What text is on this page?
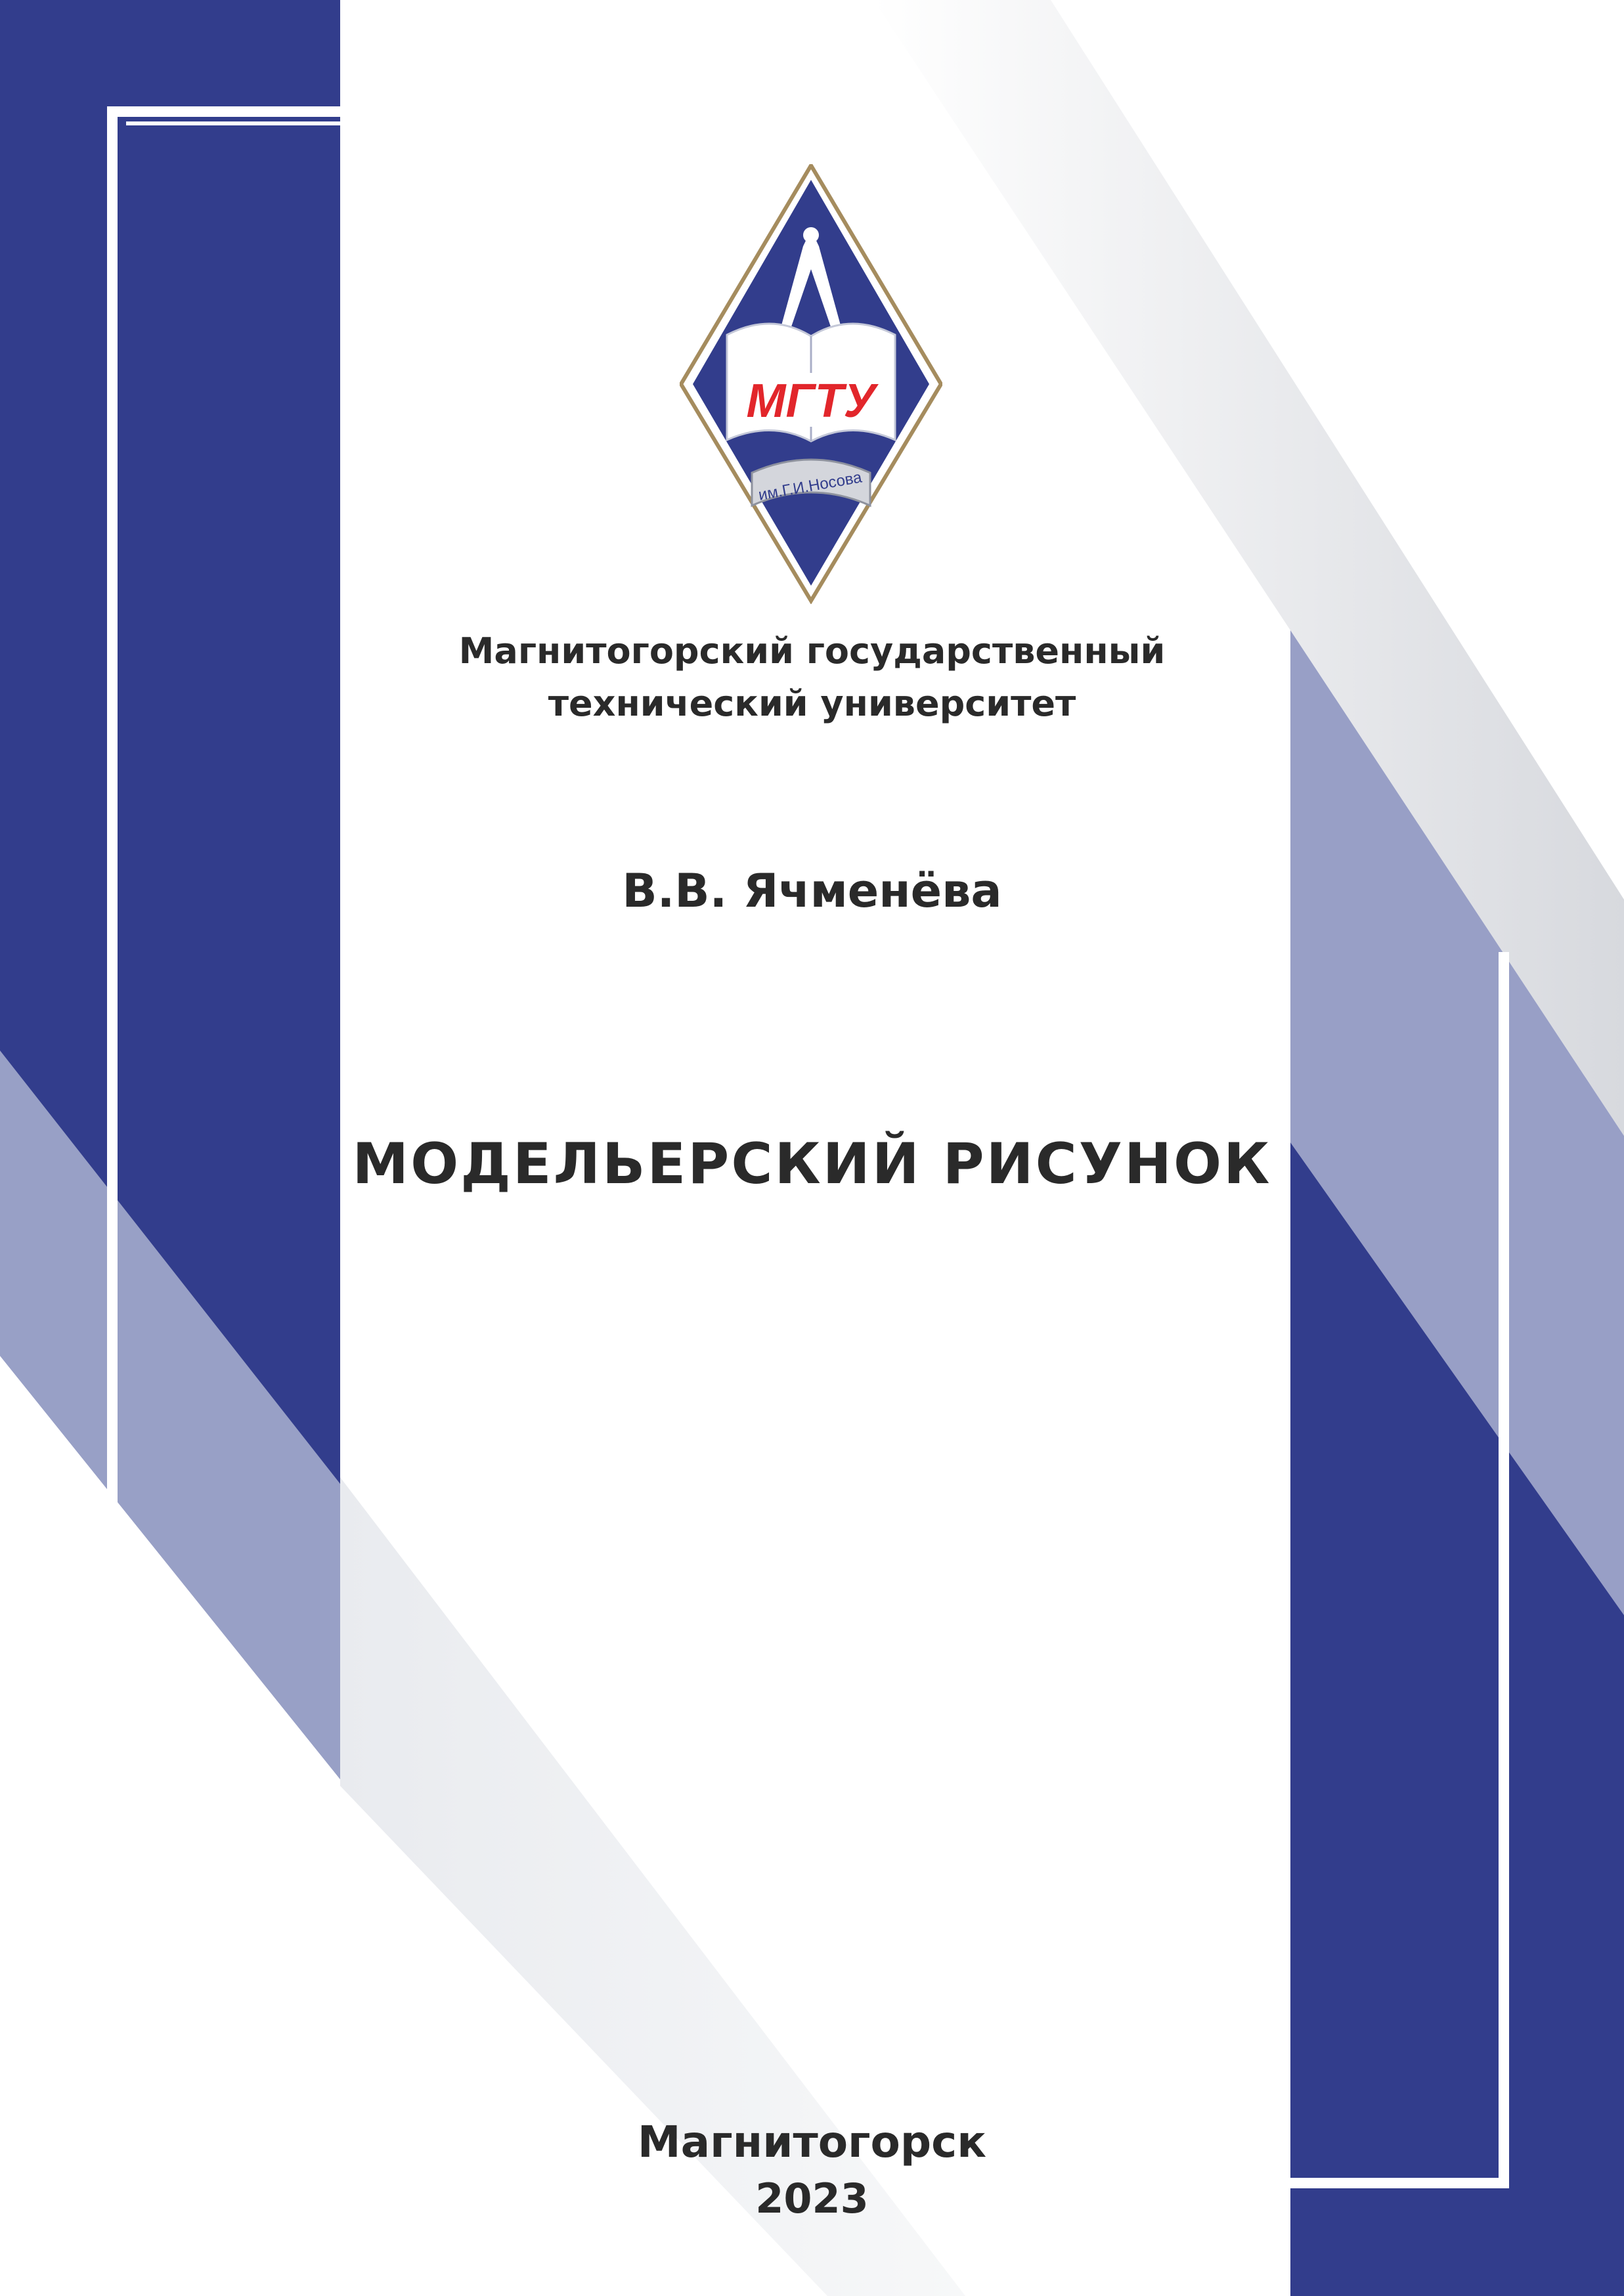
МГТУ
им.Г.И.Носова
Магнитогорский государственный
технический университет
В.В. Ячменёва
МОДЕЛЬЕРСКИЙ РИСУНОК
Магнитогорск
2023
